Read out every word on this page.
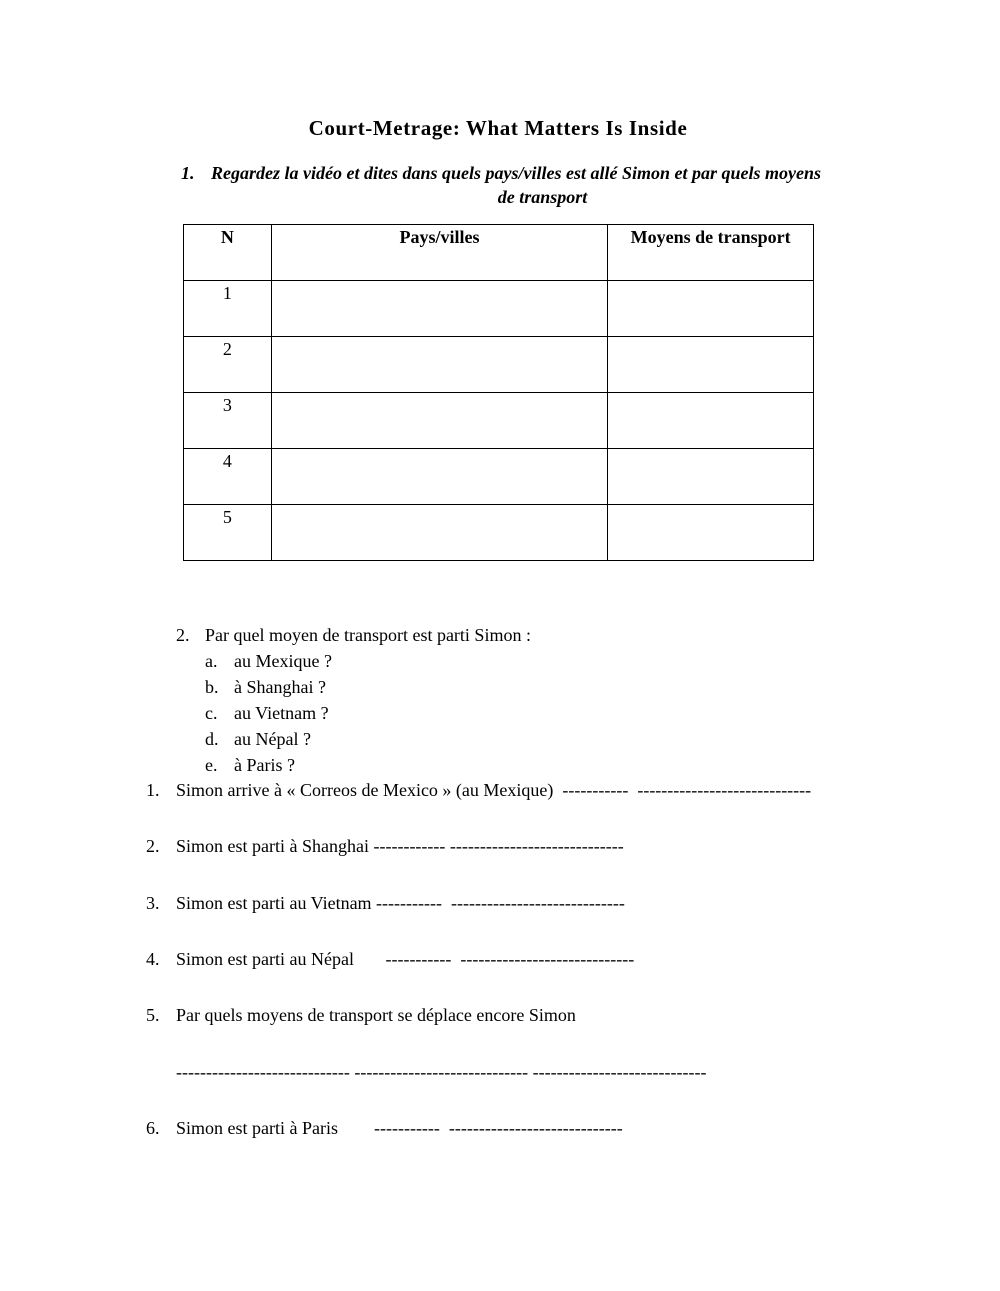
Court-Metrage: What Matters Is Inside
1. Regardez la vidéo et dites dans quels pays/villes est allé Simon et par quels moyens
de transport
N	Pays/villes	Moyens de transport
1		
2		
3		
4		
5		
2. Par quel moyen de transport est parti Simon :
a. au Mexique ?
b. à Shanghai ?
c. au Vietnam ?
d. au Népal ?
e. à Paris ?
1. Simon arrive à « Correos de Mexico » (au Mexique)  -----------  -----------------------------
2. Simon est parti à Shanghai ------------ -----------------------------
3. Simon est parti au Vietnam -----------  -----------------------------
4. Simon est parti au Népal       -----------  -----------------------------
5. Par quels moyens de transport se déplace encore Simon
----------------------------- ----------------------------- -----------------------------
6. Simon est parti à Paris        -----------  -----------------------------
